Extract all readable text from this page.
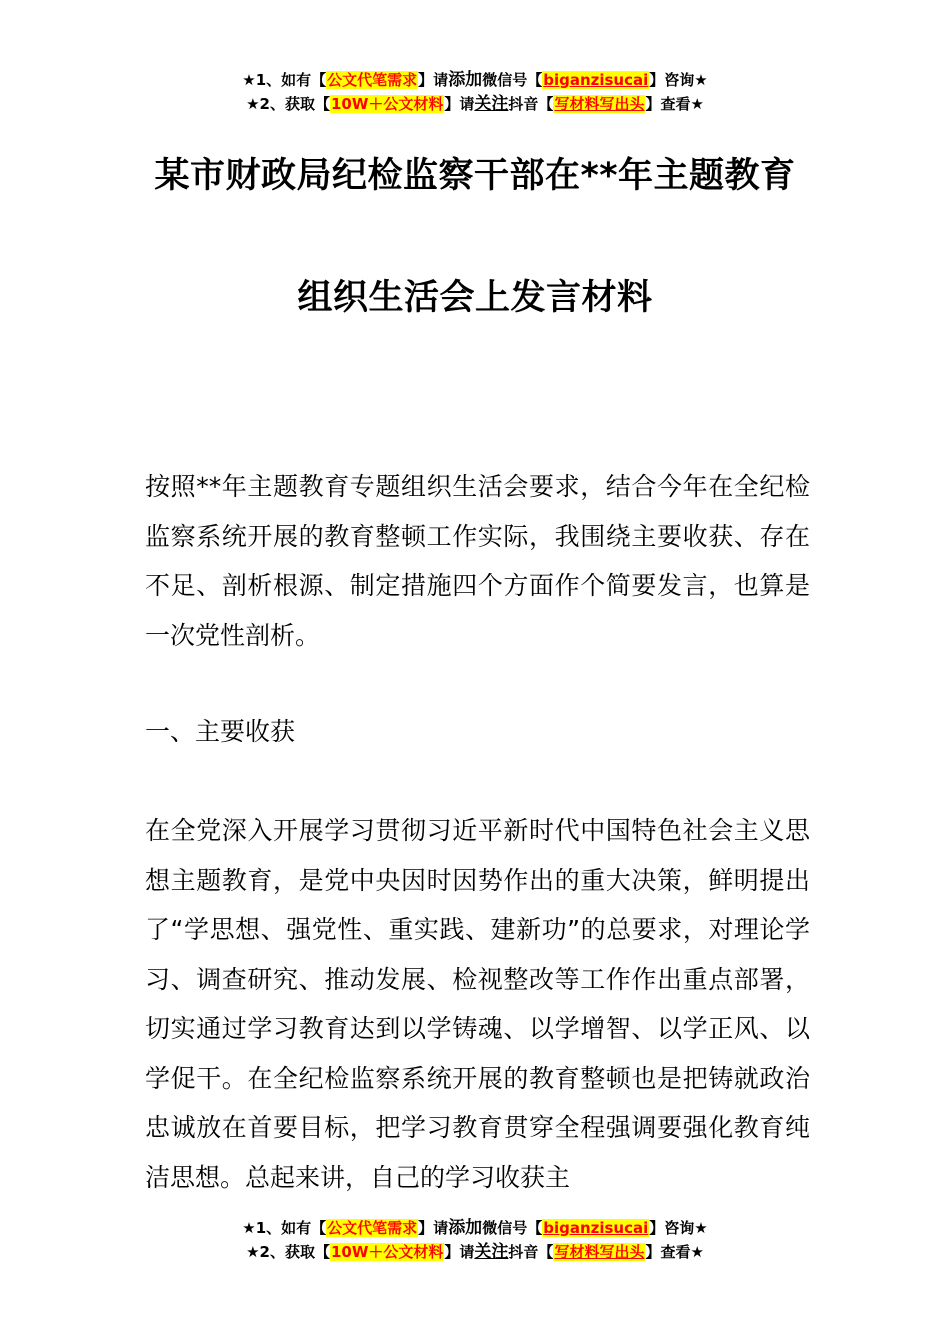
★1、如有【公文代笔需求】请添加微信号【biganzisucai】咨询★
★2、获取【10W＋公文材料】请关注抖音【写材料写出头】查看★
某市财政局纪检监察干部在**年主题教育
组织生活会上发言材料
按照**年主题教育专题组织生活会要求，结合今年在全纪检监察系统开展的教育整顿工作实际，我围绕主要收获、存在不足、剖析根源、制定措施四个方面作个简要发言，也算是一次党性剖析。
一、主要收获
在全党深入开展学习贯彻习近平新时代中国特色社会主义思想主题教育，是党中央因时因势作出的重大决策，鲜明提出了“学思想、强党性、重实践、建新功”的总要求，对理论学习、调查研究、推动发展、检视整改等工作作出重点部署，切实通过学习教育达到以学铸魂、以学增智、以学正风、以学促干。在全纪检监察系统开展的教育整顿也是把铸就政治忠诚放在首要目标，把学习教育贯穿全程强调要强化教育纯洁思想。总起来讲，自己的学习收获主
★1、如有【公文代笔需求】请添加微信号【biganzisucai】咨询★
★2、获取【10W＋公文材料】请关注抖音【写材料写出头】查看★
